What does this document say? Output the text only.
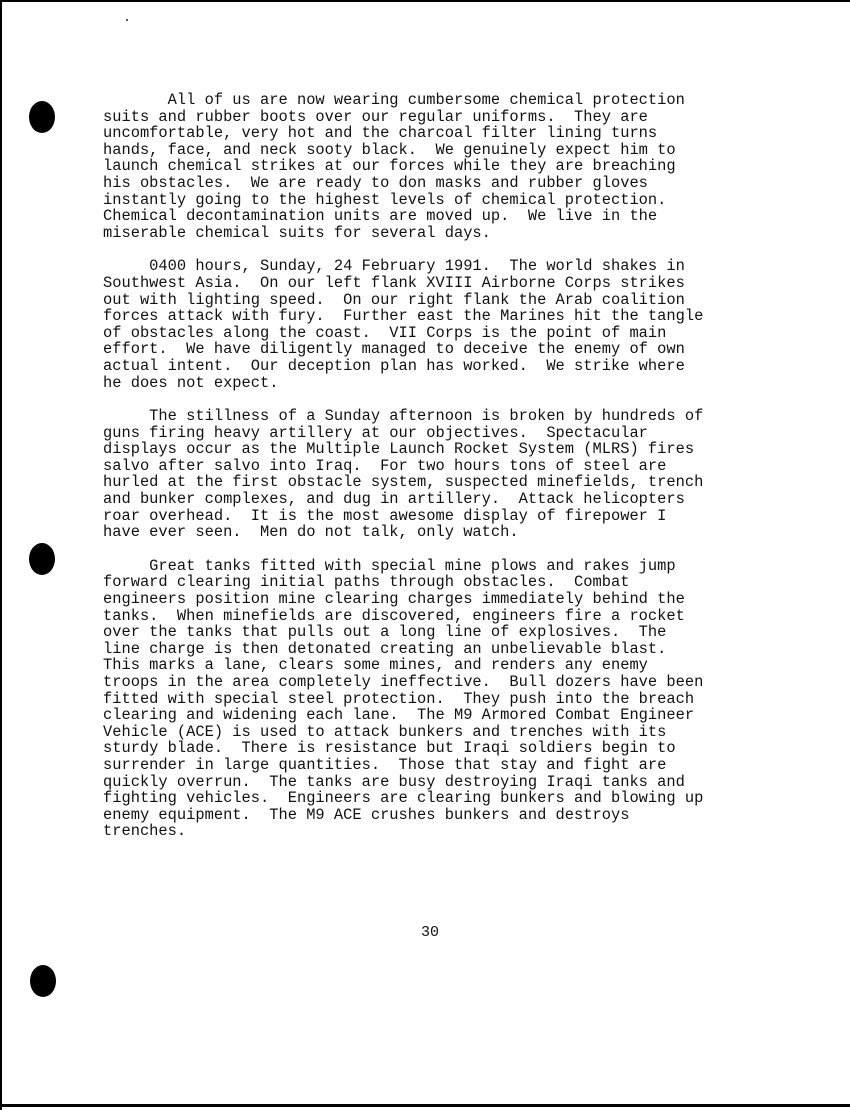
All of us are now wearing cumbersome chemical protection
suits and rubber boots over our regular uniforms.  They are
uncomfortable, very hot and the charcoal filter lining turns
hands, face, and neck sooty black.  We genuinely expect him to
launch chemical strikes at our forces while they are breaching
his obstacles.  We are ready to don masks and rubber gloves
instantly going to the highest levels of chemical protection.
Chemical decontamination units are moved up.  We live in the
miserable chemical suits for several days.

0400 hours, Sunday, 24 February 1991.  The world shakes in
Southwest Asia.  On our left flank XVIII Airborne Corps strikes
out with lighting speed.  On our right flank the Arab coalition
forces attack with fury.  Further east the Marines hit the tangle
of obstacles along the coast.  VII Corps is the point of main
effort.  We have diligently managed to deceive the enemy of own
actual intent.  Our deception plan has worked.  We strike where
he does not expect.

The stillness of a Sunday afternoon is broken by hundreds of
guns firing heavy artillery at our objectives.  Spectacular
displays occur as the Multiple Launch Rocket System (MLRS) fires
salvo after salvo into Iraq.  For two hours tons of steel are
hurled at the first obstacle system, suspected minefields, trench
and bunker complexes, and dug in artillery.  Attack helicopters
roar overhead.  It is the most awesome display of firepower I
have ever seen.  Men do not talk, only watch.

Great tanks fitted with special mine plows and rakes jump
forward clearing initial paths through obstacles.  Combat
engineers position mine clearing charges immediately behind the
tanks.  When minefields are discovered, engineers fire a rocket
over the tanks that pulls out a long line of explosives.  The
line charge is then detonated creating an unbelievable blast.
This marks a lane, clears some mines, and renders any enemy
troops in the area completely ineffective.  Bull dozers have been
fitted with special steel protection.  They push into the breach
clearing and widening each lane.  The M9 Armored Combat Engineer
Vehicle (ACE) is used to attack bunkers and trenches with its
sturdy blade.  There is resistance but Iraqi soldiers begin to
surrender in large quantities.  Those that stay and fight are
quickly overrun.  The tanks are busy destroying Iraqi tanks and
fighting vehicles.  Engineers are clearing bunkers and blowing up
enemy equipment.  The M9 ACE crushes bunkers and destroys
trenches.

30
